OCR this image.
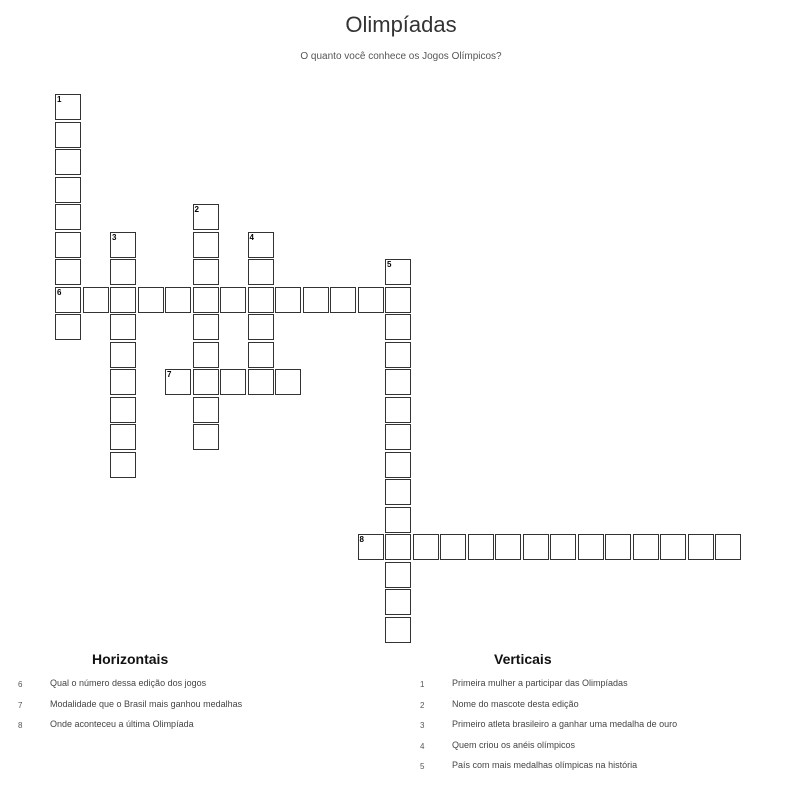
Olimpíadas
O quanto você conhece os Jogos Olímpicos?
1
2
3	4
5
6
7
8
Horizontais
6	Qual o número dessa edição dos jogos
7	Modalidade que o Brasil mais ganhou medalhas
8	Onde aconteceu a última Olimpíada
Verticais
1	Primeira mulher a participar das Olimpíadas
2	Nome do mascote desta edição
3	Primeiro atleta brasileiro a ganhar uma medalha de ouro
4	Quem criou os anéis olímpicos
5	País com mais medalhas olímpicas na história
